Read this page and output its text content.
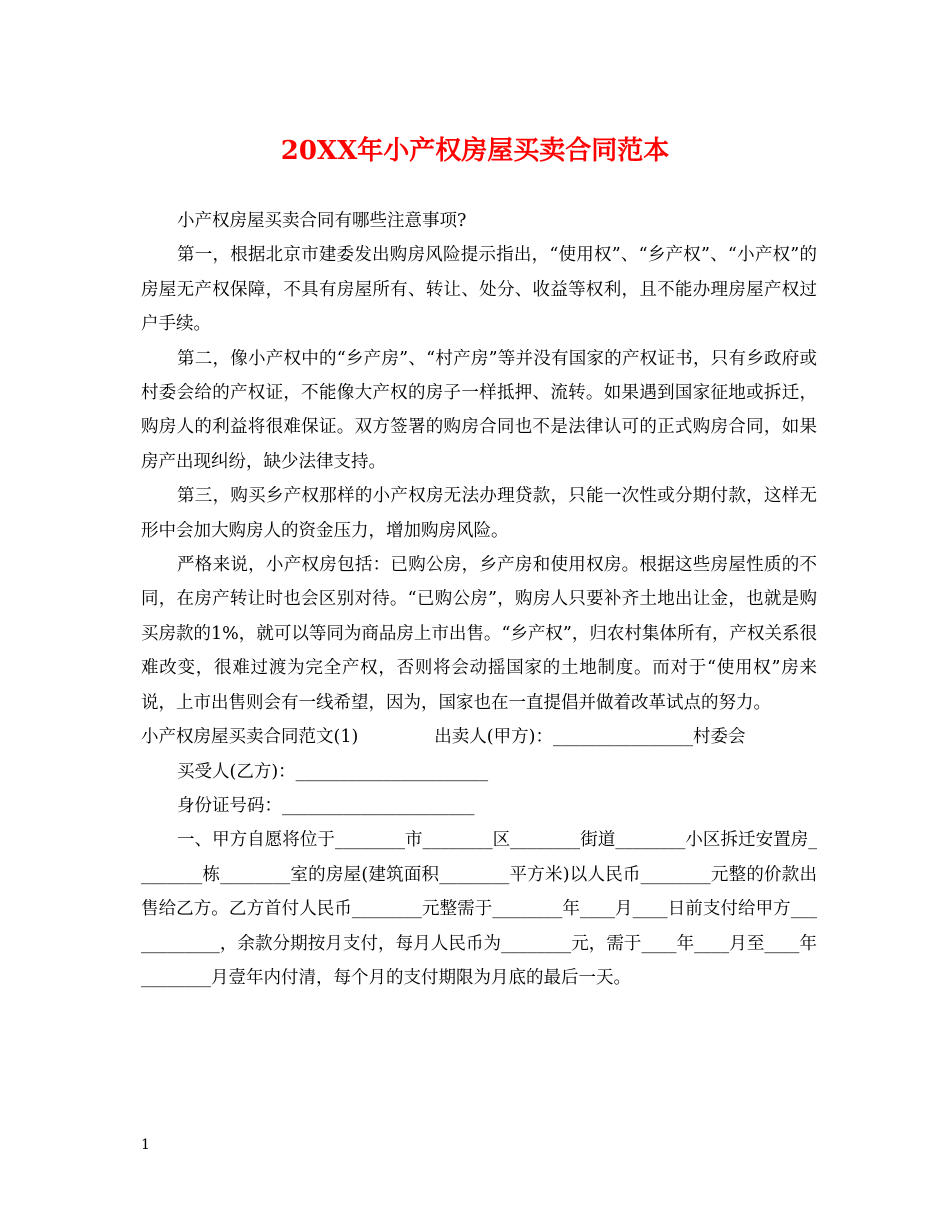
20XX年小产权房屋买卖合同范本

小产权房屋买卖合同有哪些注意事项?

第一，根据北京市建委发出购房风险提示指出，“使用权”、“乡产权”、“小产权”的房屋无产权保障，不具有房屋所有、转让、处分、收益等权利，且不能办理房屋产权过户手续。

第二，像小产权中的“乡产房”、“村产房”等并没有国家的产权证书，只有乡政府或村委会给的产权证，不能像大产权的房子一样抵押、流转。如果遇到国家征地或拆迁，购房人的利益将很难保证。双方签署的购房合同也不是法律认可的正式购房合同，如果房产出现纠纷，缺少法律支持。

第三，购买乡产权那样的小产权房无法办理贷款，只能一次性或分期付款，这样无形中会加大购房人的资金压力，增加购房风险。

严格来说，小产权房包括：已购公房，乡产房和使用权房。根据这些房屋性质的不同，在房产转让时也会区别对待。“已购公房”，购房人只要补齐土地出让金，也就是购买房款的1%，就可以等同为商品房上市出售。“乡产权”，归农村集体所有，产权关系很难改变，很难过渡为完全产权，否则将会动摇国家的土地制度。而对于“使用权”房来说，上市出售则会有一线希望，因为，国家也在一直提倡并做着改革试点的努力。

小产权房屋买卖合同范文(1)	出卖人(甲方)：________________村委会

买受人(乙方)：______________________

身份证号码：______________________

一、甲方自愿将位于________市________区________街道________小区拆迁安置房________栋________室的房屋(建筑面积________平方米)以人民币________元整的价款出售给乙方。乙方首付人民币________元整需于________年____月____日前支付给甲方____________，余款分期按月支付，每月人民币为________元，需于____年____月至____年________月壹年内付清，每个月的支付期限为月底的最后一天。

1
